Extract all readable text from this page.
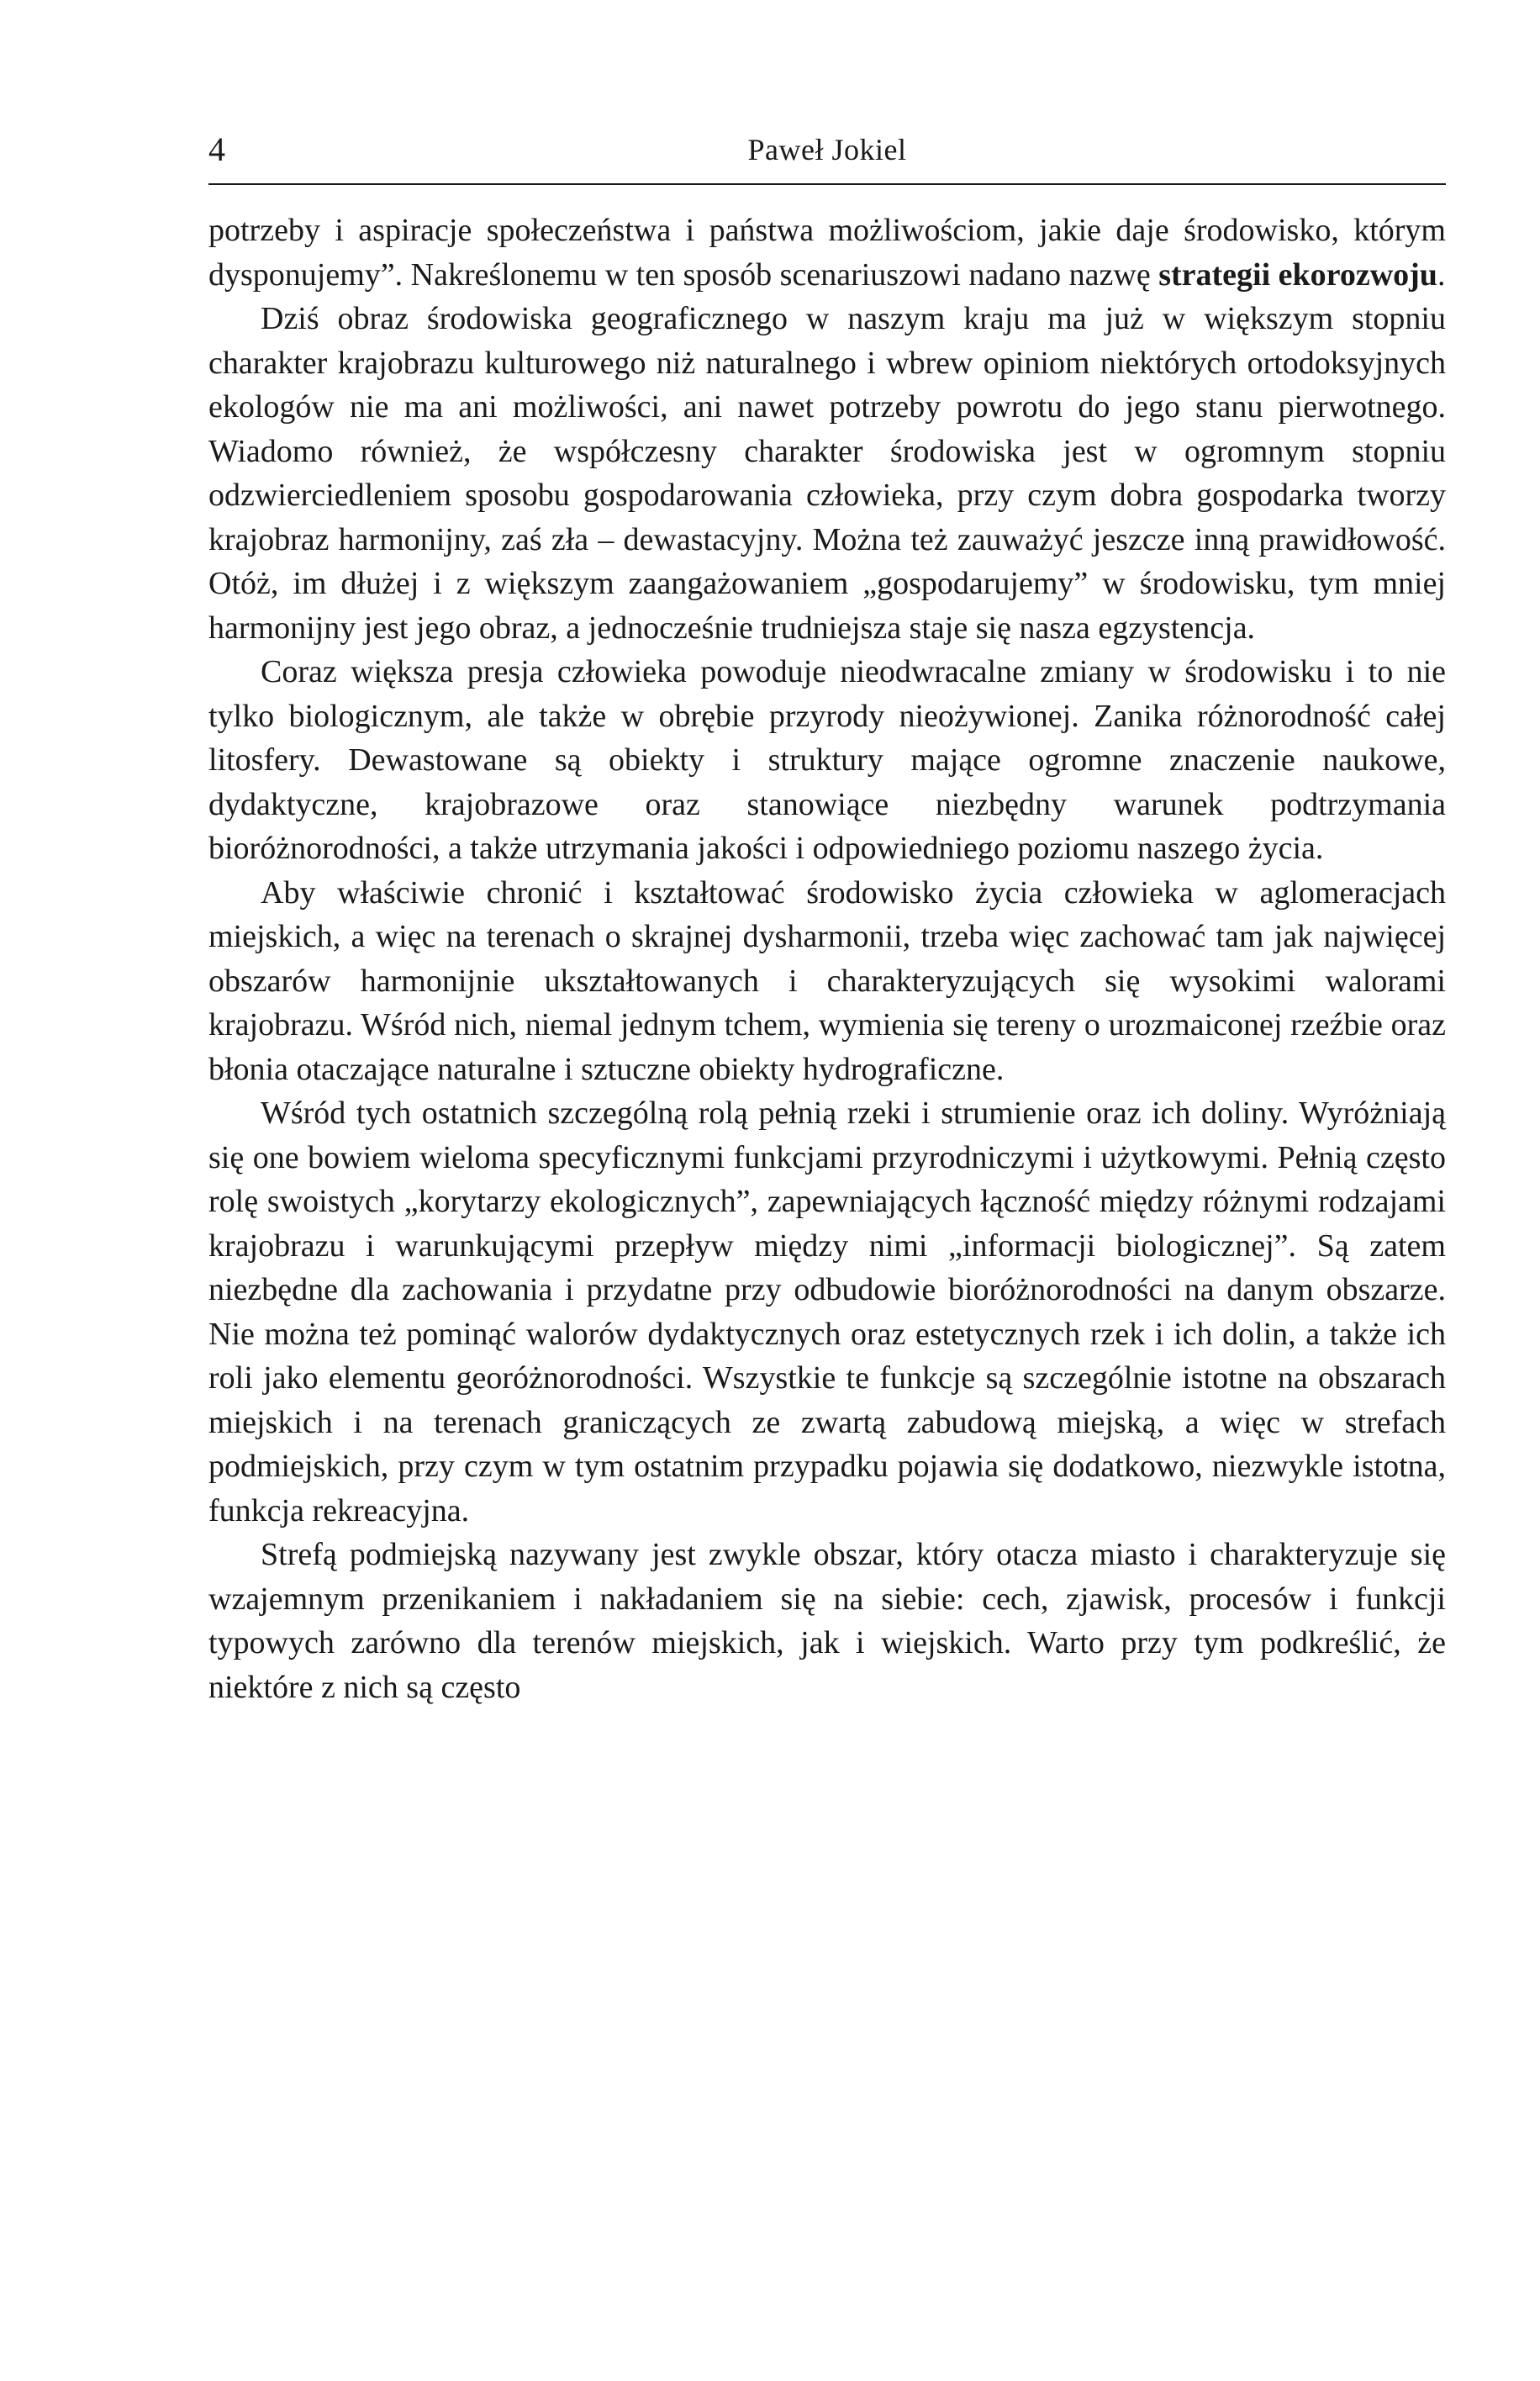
4	Paweł Jokiel

potrzeby i aspiracje społeczeństwa i państwa możliwościom, jakie daje środowisko, którym dysponujemy”. Nakreślonemu w ten sposób scenariuszowi nadano nazwę strategii ekorozwoju.

Dziś obraz środowiska geograficznego w naszym kraju ma już w większym stopniu charakter krajobrazu kulturowego niż naturalnego i wbrew opiniom niektórych ortodoksyjnych ekologów nie ma ani możliwości, ani nawet potrzeby powrotu do jego stanu pierwotnego. Wiadomo również, że współczesny charakter środowiska jest w ogromnym stopniu odzwierciedleniem sposobu gospodarowania człowieka, przy czym dobra gospodarka tworzy krajobraz harmonijny, zaś zła – dewastacyjny. Można też zauważyć jeszcze inną prawidłowość. Otóż, im dłużej i z większym zaangażowaniem „gospodarujemy” w środowisku, tym mniej harmonijny jest jego obraz, a jednocześnie trudniejsza staje się nasza egzystencja.

Coraz większa presja człowieka powoduje nieodwracalne zmiany w środowisku i to nie tylko biologicznym, ale także w obrębie przyrody nieożywionej. Zanika różnorodność całej litosfery. Dewastowane są obiekty i struktury mające ogromne znaczenie naukowe, dydaktyczne, krajobrazowe oraz stanowiące niezbędny warunek podtrzymania bioróżnorodności, a także utrzymania jakości i odpowiedniego poziomu naszego życia.

Aby właściwie chronić i kształtować środowisko życia człowieka w aglomeracjach miejskich, a więc na terenach o skrajnej dysharmonii, trzeba więc zachować tam jak najwięcej obszarów harmonijnie ukształtowanych i charakteryzujących się wysokimi walorami krajobrazu. Wśród nich, niemal jednym tchem, wymienia się tereny o urozmaiconej rzeźbie oraz błonia otaczające naturalne i sztuczne obiekty hydrograficzne.

Wśród tych ostatnich szczególną rolą pełnią rzeki i strumienie oraz ich doliny. Wyróżniają się one bowiem wieloma specyficznymi funkcjami przyrodniczymi i użytkowymi. Pełnią często rolę swoistych „korytarzy ekologicznych”, zapewniających łączność między różnymi rodzajami krajobrazu i warunkującymi przepływ między nimi „informacji biologicznej”. Są zatem niezbędne dla zachowania i przydatne przy odbudowie bioróżnorodności na danym obszarze. Nie można też pominąć walorów dydaktycznych oraz estetycznych rzek i ich dolin, a także ich roli jako elementu georóżnorodności. Wszystkie te funkcje są szczególnie istotne na obszarach miejskich i na terenach graniczących ze zwartą zabudową miejską, a więc w strefach podmiejskich, przy czym w tym ostatnim przypadku pojawia się dodatkowo, niezwykle istotna, funkcja rekreacyjna.

Strefą podmiejską nazywany jest zwykle obszar, który otacza miasto i charakteryzuje się wzajemnym przenikaniem i nakładaniem się na siebie: cech, zjawisk, procesów i funkcji typowych zarówno dla terenów miejskich, jak i wiejskich. Warto przy tym podkreślić, że niektóre z nich są często
